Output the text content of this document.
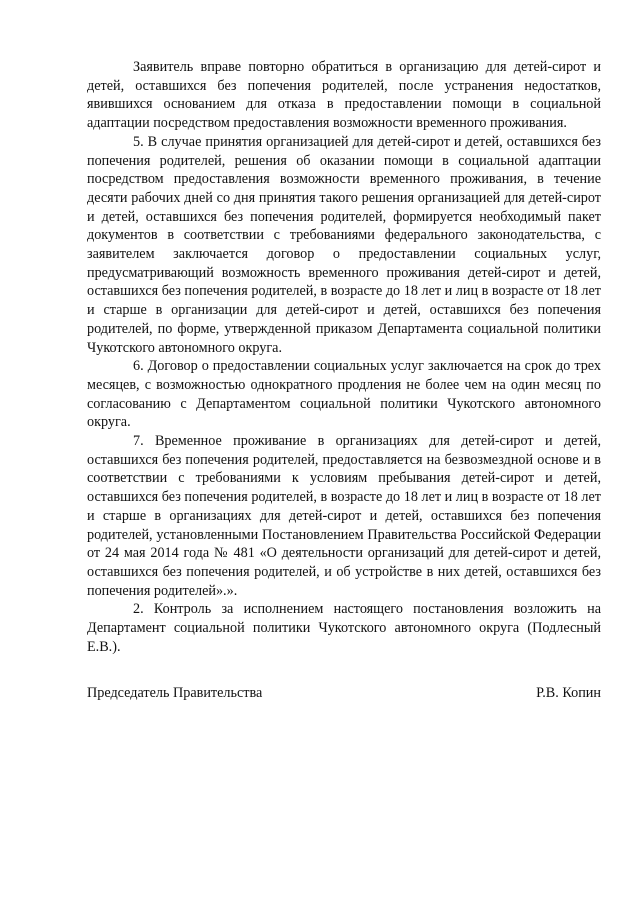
Заявитель вправе повторно обратиться в организацию для детей-сирот и детей, оставшихся без попечения родителей, после устранения недостатков, явившихся основанием для отказа в предоставлении помощи в социальной адаптации посредством предоставления возможности временного проживания.

5. В случае принятия организацией для детей-сирот и детей, оставшихся без попечения родителей, решения об оказании помощи в социальной адаптации посредством предоставления возможности временного проживания, в течение десяти рабочих дней со дня принятия такого решения организацией для детей-сирот и детей, оставшихся без попечения родителей, формируется необходимый пакет документов в соответствии с требованиями федерального законодательства, с заявителем заключается договор о предоставлении социальных услуг, предусматривающий возможность временного проживания детей-сирот и детей, оставшихся без попечения родителей, в возрасте до 18 лет и лиц в возрасте от 18 лет и старше в организации для детей-сирот и детей, оставшихся без попечения родителей, по форме, утвержденной приказом Департамента социальной политики Чукотского автономного округа.

6. Договор о предоставлении социальных услуг заключается на срок до трех месяцев, с возможностью однократного продления не более чем на один месяц по согласованию с Департаментом социальной политики Чукотского автономного округа.

7. Временное проживание в организациях для детей-сирот и детей, оставшихся без попечения родителей, предоставляется на безвозмездной основе и в соответствии с требованиями к условиям пребывания детей-сирот и детей, оставшихся без попечения родителей, в возрасте до 18 лет и лиц в возрасте от 18 лет и старше в организациях для детей-сирот и детей, оставшихся без попечения родителей, установленными Постановлением Правительства Российской Федерации от 24 мая 2014 года № 481 «О деятельности организаций для детей-сирот и детей, оставшихся без попечения родителей, и об устройстве в них детей, оставшихся без попечения родителей».».

2. Контроль за исполнением настоящего постановления возложить на Департамент социальной политики Чукотского автономного округа (Подлесный Е.В.).

Председатель Правительства	Р.В. Копин
